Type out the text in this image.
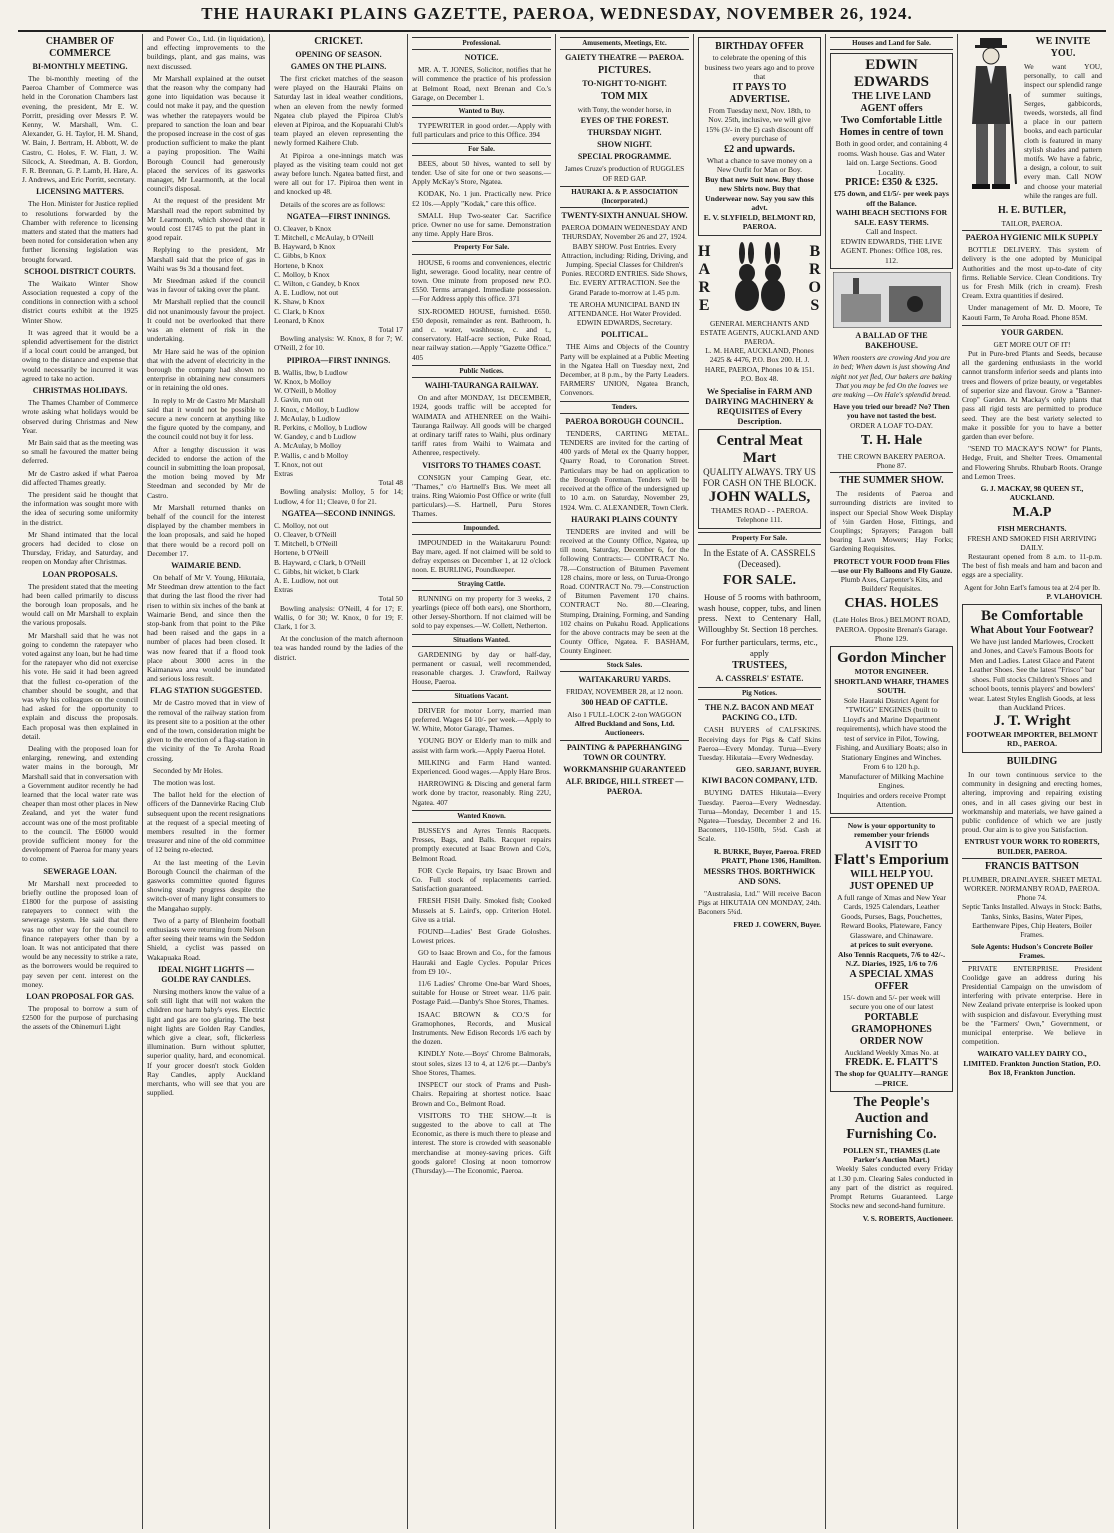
THE HAURAKI PLAINS GAZETTE, PAEROA, WEDNESDAY, NOVEMBER 26, 1924.
CHAMBER OF COMMERCE
BI-MONTHLY MEETING.

The bi-monthly meeting of the Paeroa Chamber of Commerce was held in the Coronation Chambers last evening, the president, Mr E. W. Porritt, presiding over Messrs P. W. Kenny, W. Marshall, Wm. C. Alexander, G. H. Taylor, H. M. Shand, W. Bain, J. Bertram, H. Abbott, W. de Castro, C. Holes, F. W. Flatt, J. W. Silcock, A. Steedman, A. B. Gordon, F. R. Brennan, G. P. Lamb, H. Hare, A. J. Andrews, and Eric Porritt, secretary.

LICENSING MATTERS.

The Hon. Minister for Justice replied to resolutions forwarded by the Chamber with reference to licensing matters and stated that the matters had been noted for consideration when any further licensing legislation was brought forward.

SCHOOL DISTRICT COURTS.

The Waikato Winter Show Association requested a copy of the conditions in connection with a school district courts exhibit at the 1925 Winter Show.

It was agreed that it would be a splendid advertisement for the district if a local court could be arranged, but owing to the distance and expense that would necessarily be incurred it was agreed to take no action.

CHRISTMAS HOLIDAYS.

The Thames Chamber of Commerce wrote asking what holidays would be observed during Christmas and New Year.

Mr Bain said that as the meeting was so small he favoured the matter being deferred.

Mr de Castro asked if what Paeroa did affected Thames greatly.

The president said he thought that the information was sought more with the idea of securing some uniformity in the district.

Mr Shand intimated that the local grocers had decided to close on Thursday, Friday, and Saturday, and reopen on Monday after Christmas.

LOAN PROPOSALS.

The president stated that the meeting had been called primarily to discuss the borough loan proposals, and he would call on Mr Marshall to explain the various proposals.

Mr Marshall said that he was not going to condemn the ratepayer who voted against any loan, but he had time for the ratepayer who did not exercise his vote. He said it had been agreed that the fullest co-operation of the chamber should be sought, and that was why his colleagues on the council had asked for the opportunity to explain and discuss the proposals. Each proposal was then explained in detail.

Dealing with the proposed loan for enlarging, renewing, and extending water mains in the borough, Mr Marshall said that in conversation with a Government auditor recently he had learned that the local water rate was cheaper than most other places in New Zealand, and yet the water fund account was one of the most profitable to the council. The £6000 would provide sufficient money for the development of Paeroa for many years to come.

SEWERAGE LOAN.

Mr Marshall next proceeded to briefly outline the proposed loan of £1800 for the purpose of assisting ratepayers to connect with the sewerage system. He said that there was no other way for the council to finance ratepayers other than by a loan. It was not anticipated that there would be any necessity to strike a rate, as the borrowers would be required to pay seven per cent. interest on the money.

LOAN PROPOSAL FOR GAS.

The proposal to borrow a sum of £2500 for the purpose of purchasing the assets of the Ohinemuri Light

and Power Co., Ltd. (in liquidation), and effecting improvements to the buildings, plant, and gas mains, was next discussed.

Mr Marshall explained at the outset that the reason why the company had gone into liquidation was because it could not make it pay, and the question was whether the ratepayers would be prepared to sanction the loan and bear the proposed increase in the cost of gas production sufficient to make the plant a paying proposition. The Waihi Borough Council had generously placed the services of its gasworks manager, Mr Learmonth, at the local council's disposal.

At the request of the president Mr Marshall read the report submitted by Mr Learmonth, which showed that it would cost £1745 to put the plant in good repair.

Replying to the president, Mr Marshall said that the price of gas in Waihi was 9s 3d a thousand feet.

Mr Steedman asked if the council was in favour of taking over the plant.

Mr Marshall replied that the council did not unanimously favour the project. It could not be overlooked that there was an element of risk in the undertaking.

Mr Hare said he was of the opinion that with the advent of electricity in the borough the company had shown no enterprise in obtaining new consumers or in retaining the old ones.

In reply to Mr de Castro Mr Marshall said that it would not be possible to secure a new concern at anything like the figure quoted by the company, and the council could not buy it for less.

After a lengthy discussion it was decided to endorse the action of the council in submitting the loan proposal, the motion being moved by Mr Steedman and seconded by Mr de Castro.

Mr Marshall returned thanks on behalf of the council for the interest displayed by the chamber members in the loan proposals, and said he hoped that there would be a record poll on December 17.

WAIMARIE BEND.

On behalf of Mr V. Young, Hikutaia, Mr Steedman drew attention to the fact that during the last flood the river had risen to within six inches of the bank at Waimarie Bend, and since then the stop-bank from that point to the Pike had been raised and the gaps in a number of places had been closed. It was now feared that if a flood took place about 3000 acres in the Kaimanawa area would be inundated and serious loss result.

FLAG STATION SUGGESTED.

Mr de Castro moved that in view of the removal of the railway station from its present site to a position at the other end of the town, consideration might be given to the erection of a flag-station in the vicinity of the Te Aroha Road crossing.

Seconded by Mr Holes.

The motion was lost.

The ballot held for the election of officers of the Dannevirke Racing Club subsequent upon the recent resignations at the request of a special meeting of members resulted in the former treasurer and nine of the old committee of 12 being re-elected.

At the last meeting of the Levin Borough Council the chairman of the gasworks committee quoted figures showing steady progress despite the switch-over of many light consumers to the Mangahao supply.

Two of a party of Blenheim football enthusiasts were returning from Nelson after seeing their teams win the Seddon Shield, a cyclist was passed on Wakapuaka Road.

IDEAL NIGHT LIGHTS — GOLDE RAY CANDLES.

Nursing mothers know the value of a soft still light that will not waken the children nor harm baby's eyes. Electric light and gas are too glaring. The best night lights are Golden Ray Candles, which give a clear, soft, flickerless illumination. Burn without splutter, superior quality, hard, and economical. If your grocer doesn't stock Golden Ray Candles, apply Auckland merchants, who will see that you are supplied.

CRICKET.
OPENING OF SEASON.
GAMES ON THE PLAINS.

The first cricket matches of the season were played on the Hauraki Plains on Saturday last in ideal weather conditions, when an eleven from the newly formed Ngatea club played the Pipiroa Club's eleven at Pipiroa, and the Kopuarahi Club's team played an eleven representing the newly formed Kaihere Club.

At Pipiroa a one-innings match was played as the visiting team could not get away before lunch. Ngatea batted first, and were all out for 17. Pipiroa then went in and knocked up 48.

Details of the scores are as follows:

NGATEA—FIRST INNINGS.
O. Cleaver, b Knox
T. Mitchell, c McAulay, b O'Neill
B. Hayward, b Knox
C. Gibbs, b Knox
Hortene, b Knox
C. Molloy, b Knox
C. Wilton, c Gandey, b Knox
A. E. Ludlow, not out
K. Shaw, b Knox
C. Clark, b Knox
Leonard, b Knox
Total 17

Bowling analysis: W. Knox, 8 for 7; W. O'Neill, 2 for 10.

PIPIROA—FIRST INNINGS.
B. Wallis, lbw, b Ludlow
W. Knox, b Molloy
W. O'Neill, b Molloy
J. Gavin, run out
J. Knox, c Molloy, b Ludlow
J. McAulay, b Ludlow
R. Perkins, c Molloy, b Ludlow
W. Gandey, c and b Ludlow
A. McAulay, b Molloy
P. Wallis, c and b Molloy
T. Knox, not out
Extras
Total 48

Bowling analysis: Molloy, 5 for 14; Ludlow, 4 for 11; Cleave, 0 for 21.

NGATEA—SECOND INNINGS.
C. Molloy, not out
O. Cleaver, b O'Neill
T. Mitchell, b O'Neill
Hortene, b O'Neill
B. Hayward, c Clark, b O'Neill
C. Gibbs, hit wicket, b Clark
A. E. Ludlow, not out
Extras
Total 50

Bowling analysis: O'Neill, 4 for 17; F. Wallis, 0 for 30; W. Knox, 0 for 19; F. Clark, 1 for 3.

At the conclusion of the match afternoon tea was handed round by the ladies of the district.

Professional.
NOTICE.

MR. A. T. JONES, Solicitor, notifies that he will commence the practice of his profession at Belmont Road, next Brenan and Co.'s Garage, on December 1.

Wanted to Buy.

TYPEWRITER in good order.—Apply with full particulars and price to this Office. 394

For Sale.

BEES, about 50 hives, wanted to sell by tender. Use of site for one or two seasons.—Apply McKay's Store, Ngatea.

KODAK, No. 1 jun. Practically new. Price £2 10s.—Apply "Kodak," care this office.

SMALL Hup Two-seater Car. Sacrifice price. Owner no use for same. Demonstration any time. Apply Hare Bros.

Property For Sale.

HOUSE, 6 rooms and conveniences, electric light, sewerage. Good locality, near centre of town. One minute from proposed new P.O. £550. Terms arranged. Immediate possession.—For Address apply this office. 371

SIX-ROOMED HOUSE, furnished. £650. £50 deposit, remainder as rent. Bathroom, h. and c. water, washhouse, c. and t., conservatory. Half-acre section, Puke Road, near railway station.—Apply "Gazette Office." 405

Public Notices.
WAIHI-TAURANGA RAILWAY.

On and after MONDAY, 1st DECEMBER, 1924, goods traffic will be accepted for WAIMATA and ATHENREE on the Waihi-Tauranga Railway. All goods will be charged at ordinary tariff rates to Waihi, plus ordinary tariff rates from Waihi to Waimata and Athenree, respectively.

VISITORS TO THAMES COAST.

CONSIGN your Camping Gear, etc. "Thames," c/o Hartnell's Bus. We meet all trains. Ring Waiomio Post Office or write (full particulars).—S. Hartnell, Puru Stores Thames.

Impounded.

IMPOUNDED in the Waitakaruru Pound: Bay mare, aged. If not claimed will be sold to defray expenses on December 1, at 12 o'clock noon. E. BURLING, Poundkeeper.

Straying Cattle.

RUNNING on my property for 3 weeks, 2 yearlings (piece off both ears), one Shorthorn, other Jersey-Shorthorn. If not claimed will be sold to pay expenses.—W. Collett, Netherton.

Situations Wanted.

GARDENING by day or half-day, permanent or casual, well recommended, reasonable charges. J. Crawford, Railway House, Paeroa.

Situations Vacant.

DRIVER for motor Lorry, married man preferred. Wages £4 10/- per week.—Apply to W. White, Motor Garage, Thames.

YOUNG BOY or Elderly man to milk and assist with farm work.—Apply Paeroa Hotel.

MILKING and Farm Hand wanted. Experienced. Good wages.—Apply Hare Bros.

HARROWING & Discing and general farm work done by tractor, reasonably. Ring 22U, Ngatea. 407

Wanted Known.

BUSSEYS and Ayres Tennis Racquets. Presses, Bags, and Balls. Racquet repairs promptly executed at Isaac Brown and Co's, Belmont Road.

FOR Cycle Repairs, try Isaac Brown and Co. Full stock of replacements carried. Satisfaction guaranteed.

FRESH FISH Daily. Smoked fish; Cooked Mussels at S. Laird's, opp. Criterion Hotel. Give us a trial.

FOUND—Ladies' Best Grade Goloshes. Lowest prices.

GO to Isaac Brown and Co., for the famous Hauraki and Eagle Cycles. Popular Prices from £9 10/-.

11/6 Ladies' Chrome One-bar Ward Shoes, suitable for House or Street wear. 11/6 pair. Postage Paid.—Danby's Shoe Stores, Thames.

ISAAC BROWN & CO.'S for Gramophones, Records, and Musical Instruments. New Edison Records 1/6 each by the dozen.

KINDLY Note.—Boys' Chrome Balmorals, stout soles, sizes 13 to 4, at 12/6 pr.—Danby's Shoe Stores, Thames.

INSPECT our stock of Prams and Push-Chairs. Repairing at shortest notice. Isaac Brown and Co., Belmont Road.

VISITORS TO THE SHOW.—It is suggested to the above to call at The Economic, as there is much there to please and interest. The store is crowded with seasonable merchandise at money-saving prices. Gift goods galore! Closing at noon tomorrow (Thursday).—The Economic, Paeroa.

Amusements, Meetings, Etc.
GAIETY THEATRE — PAEROA.
PICTURES.
TO-NIGHT TO-NIGHT.
TOM MIX
with Tony, the wonder horse, in
EYES OF THE FOREST.
THURSDAY NIGHT.
SHOW NIGHT.
SPECIAL PROGRAMME.
James Cruze's production of RUGGLES OF RED GAP.
HAURAKI A. & P. ASSOCIATION (Incorporated.)
TWENTY-SIXTH ANNUAL SHOW.
PAEROA DOMAIN WEDNESDAY AND THURSDAY, November 26 and 27, 1924.

BABY SHOW. Post Entries. Every Attraction, including: Riding, Driving, and Jumping. Special Classes for Children's Ponies. RECORD ENTRIES. Side Shows, Etc. EVERY ATTRACTION. See the Grand Parade to-morrow at 1.45 p.m.

TE AROHA MUNICIPAL BAND IN ATTENDANCE. Hot Water Provided. EDWIN EDWARDS, Secretary.

POLITICAL.

THE Aims and Objects of the Country Party will be explained at a Public Meeting in the Ngatea Hall on Tuesday next, 2nd December, at 8 p.m., by the Party Leaders. FARMERS' UNION, Ngatea Branch, Convenors.

Tenders.
PAEROA BOROUGH COUNCIL.

TENDERS, CARTING METAL. TENDERS are invited for the carting of 400 yards of Metal ex the Quarry hopper, Quarry Road, to Coronation Street. Particulars may be had on application to the Borough Foreman. Tenders will be received at the office of the undersigned up to 10 a.m. on Saturday, November 29, 1924. Wm. C. ALEXANDER, Town Clerk.

HAURAKI PLAINS COUNTY

TENDERS are invited and will be received at the County Office, Ngatea, up till noon, Saturday, December 6, for the following Contracts:— CONTRACT No. 78.—Construction of Bitumen Pavement 128 chains, more or less, on Turua-Orongo Road. CONTRACT No. 79.—Construction of Bitumen Pavement 170 chains. CONTRACT No. 80.—Clearing, Stumping, Draining, Forming, and Sanding 102 chains on Pukahu Road. Applications for the above contracts may be seen at the County Office, Ngatea. F. BASHAM, County Engineer.

Stock Sales.
WAITAKARURU YARDS.
FRIDAY, NOVEMBER 28, at 12 noon.
300 HEAD OF CATTLE.
Also 1 FULL-LOCK 2-ton WAGGON
Alfred Buckland and Sons, Ltd. Auctioneers.
PAINTING & PAPERHANGING TOWN OR COUNTRY.
WORKMANSHIP GUARANTEED
ALF. BRIDGE, HILL STREET — PAEROA.
BIRTHDAY OFFER
to celebrate the opening of this business two years ago and to prove that
IT PAYS TO ADVERTISE.
From Tuesday next, Nov. 18th, to Nov. 25th, inclusive, we will give 15% (3/- in the £) cash discount off every purchase of
£2 and upwards.
What a chance to save money on a New Outfit for Man or Boy.
Buy that new Suit now. Buy those new Shirts now. Buy that Underwear now. Say you saw this advt.
E. V. SLYFIELD, BELMONT RD, PAEROA.
H
A
R
E
B
R
O
S
GENERAL MERCHANTS AND ESTATE AGENTS, AUCKLAND AND PAEROA.
L. M. HARE, AUCKLAND, Phones 2425 & 4476, P.O. Box 200. H. J. HARE, PAEROA, Phones 10 & 151. P.O. Box 48.
We Specialise in FARM AND DAIRYING MACHINERY & REQUISITES of Every Description.
Central Meat Mart
QUALITY ALWAYS. TRY US FOR CASH ON THE BLOCK.
JOHN WALLS,
THAMES ROAD - - PAEROA. Telephone 111.
Property For Sale.
In the Estate of A. CASSRELS (Deceased).
FOR SALE.

House of 5 rooms with bathroom, wash house, copper, tubs, and linen press. Next to Centenary Hall, Willoughby St. Section 18 perches.

For further particulars, terms, etc., apply
TRUSTEES,
A. CASSRELS' ESTATE.
Pig Notices.
THE N.Z. BACON AND MEAT PACKING CO., LTD.

CASH BUYERS of CALFSKINS. Receiving days for Pigs & Calf Skins Paeroa—Every Monday. Turua—Every Tuesday. Hikutaia—Every Wednesday.

GEO. SARJANT, BUYER.
KIWI BACON COMPANY, LTD.

BUYING DATES Hikutaia—Every Tuesday. Paeroa—Every Wednesday. Turua—Monday, December 1 and 15. Ngatea—Tuesday, December 2 and 16. Baconers, 110-150lb, 5½d. Cash at Scale.

R. BURKE, Buyer, Paeroa. FRED PRATT, Phone 1306, Hamilton.
MESSRS THOS. BORTHWICK AND SONS.

"Australasia, Ltd." Will receive Bacon Pigs at HIKUTAIA ON MONDAY, 24th. Baconers 5¾d.

FRED J. COWERN, Buyer.
Houses and Land for Sale.
EDWIN EDWARDS
THE LIVE LAND AGENT offers
Two Comfortable Little Homes in centre of town
Both in good order, and containing 4 rooms. Wash house. Gas and Water laid on. Large Sections. Good Locality.
PRICE: £350 & £325.
£75 down, and £1/5/- per week pays off the Balance.
WAIHI BEACH SECTIONS FOR SALE. EASY TERMS.
Call and Inspect.
EDWIN EDWARDS, THE LIVE AGENT. Phones: Office 108, res. 112.
A BALLAD OF THE BAKEHOUSE.

When roosters are crowing And you are in bed; When dawn is just showing And night not yet fled, Our bakers are baking That you may be fed On the loaves we are making —On Hale's splendid bread.

Have you tried our bread? No? Then you have not tasted the best.
ORDER A LOAF TO-DAY.
T. H. Hale
THE CROWN BAKERY PAEROA. Phone 87.
THE SUMMER SHOW.

The residents of Paeroa and surrounding districts are invited to inspect our Special Show Week Display of ½in Garden Hose, Fittings, and Couplings; Sprayers; Paragon ball bearing Lawn Mowers; Hay Forks; Gardening Requisites.

PROTECT YOUR FOOD from Flies—use our Fly Balloons and Fly Gauze.
Plumb Axes, Carpenter's Kits, and Builders' Requisites.
CHAS. HOLES
(Late Holes Bros.) BELMONT ROAD, PAEROA. Opposite Brenan's Garage. Phone 129.
Gordon Mincher
MOTOR ENGINEER. SHORTLAND WHARF, THAMES SOUTH.
Sole Hauraki District Agent for "TWIGG" ENGINES (built to Lloyd's and Marine Department requirements), which have stood the test of service in Pilot, Towing, Fishing, and Auxiliary Boats; also in Stationary Engines and Winches. From 6 to 120 h.p.
Manufacturer of Milking Machine Engines.
Inquiries and orders receive Prompt Attention.
Now is your opportunity to remember your friends
A VISIT TO
Flatt's Emporium
WILL HELP YOU.
JUST OPENED UP
A full range of Xmas and New Year Cards, 1925 Calendars, Leather Goods, Purses, Bags, Pouchettes, Reward Books, Plateware, Fancy Glassware, and Chinaware.
at prices to suit everyone.
Also Tennis Racquets, 7/6 to 42/-. N.Z. Diaries, 1925, 1/6 to 7/6
A SPECIAL XMAS OFFER
15/- down and 5/- per week will secure you one of our latest
PORTABLE GRAMOPHONES
ORDER NOW
Auckland Weekly Xmas No. at
FREDK. E. FLATT'S
The shop for QUALITY—RANGE—PRICE.
The People's Auction and Furnishing Co.
POLLEN ST., THAMES (Late Parker's Auction Mart.)

Weekly Sales conducted every Friday at 1.30 p.m. Clearing Sales conducted in any part of the district as required. Prompt Returns Guaranteed. Large Stocks new and second-hand furniture.

V. S. ROBERTS, Auctioneer.
WE INVITE YOU.

We want YOU, personally, to call and inspect our splendid range of summer suitings, Serges, gabbicords, tweeds, worsteds, all find a place in our pattern books, and each particular cloth is featured in many stylish shades and pattern motifs. We have a fabric, a design, a colour, to suit every man. Call NOW and choose your material while the ranges are full.

H. E. BUTLER,
TAILOR, PAEROA.
PAEROA HYGIENIC MILK SUPPLY

BOTTLE DELIVERY. This system of delivery is the one adopted by Municipal Authorities and the most up-to-date of city firms. Reliable Service. Clean Conditions. Try us for Fresh Milk (rich in cream). Fresh Cream. Extra quantities if desired.

Under management of Mr. D. Moore, Te Kaouti Farm, Te Aroha Road. Phone 85M.

YOUR GARDEN.
GET MORE OUT OF IT!

Put in Pure-bred Plants and Seeds, because all the gardening enthusiasts in the world cannot transform inferior seeds and plants into trees and flowers of prize beauty, or vegetables of superior size and flavour. Grow a "Banner-Crop" Garden. At Mackay's only plants that pass all rigid tests are permitted to produce seed. They are the best variety selected to make it possible for you to have a better garden than ever before.

"SEND TO MACKAY'S NOW" for Plants, Hedge, Fruit, and Shelter Trees. Ornamental and Flowering Shrubs. Rhubarb Roots. Orange and Lemon Trees.

G. J. MACKAY, 98 QUEEN ST., AUCKLAND.
M.A.P
FISH MERCHANTS.
FRESH AND SMOKED FISH ARRIVING DAILY.

Restaurant opened from 8 a.m. to 11-p.m. The best of fish meals and ham and bacon and eggs are a speciality.

Agent for John Earl's famous tea at 2/4 per lb.
P. VLAHOVICH.
Be Comfortable
What About Your Footwear?
We have just landed Marlowes, Crockett and Jones, and Cave's Famous Boots for Men and Ladies. Latest Glace and Patent Leather Shoes. See the latest "Frisco" bar shoes. Full stocks Children's Shoes and school boots, tennis players' and bowlers' wear. Latest Styles English Goods, at less than Auckland Prices.
J. T. Wright
FOOTWEAR IMPORTER, BELMONT RD., PAEROA.
BUILDING

In our town continuous service to the community in designing and erecting homes, altering, improving and repairing existing ones, and in all cases giving our best in workmanship and materials, we have gained a public confidence of which we are justly proud. Our aim is to give you Satisfaction.

ENTRUST YOUR WORK TO ROBERTS, BUILDER, PAEROA.
FRANCIS BATTSON
PLUMBER, DRAINLAYER. SHEET METAL WORKER. NORMANBY ROAD, PAEROA. Phone 74.

Septic Tanks Installed. Always in Stock: Baths, Tanks, Sinks, Basins, Water Pipes, Earthenware Pipes, Chip Heaters, Boiler Frames.

Sole Agents: Hudson's Concrete Boiler Frames.

PRIVATE ENTERPRISE. President Coolidge gave an address during his Presidential Campaign on the unwisdom of interfering with private enterprise. Here in New Zealand private enterprise is looked upon with suspicion and disfavour. Everything must be the "Farmers' Own," Government, or municipal enterprise. We believe in competition.

WAIKATO VALLEY DAIRY CO., LIMITED. Frankton Junction Station, P.O. Box 18, Frankton Junction.
